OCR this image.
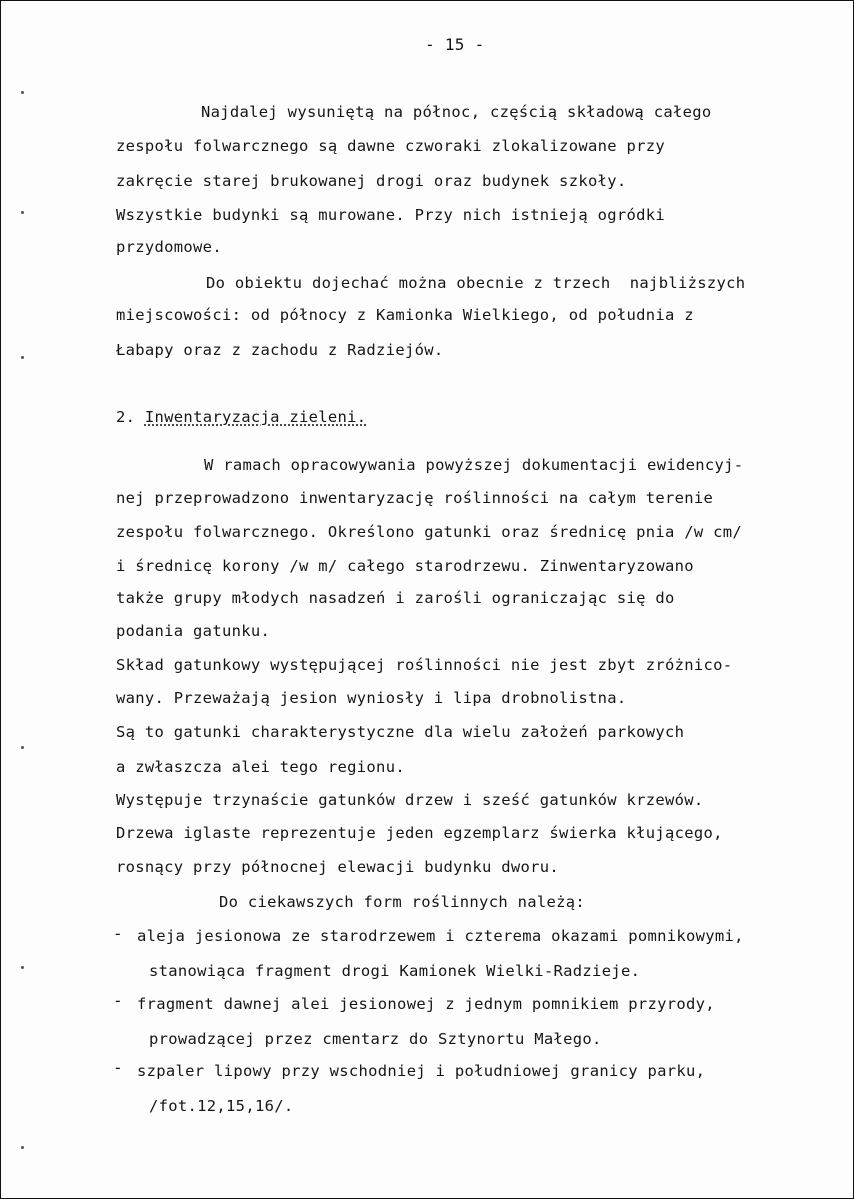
- 15 -
Najdalej wysuniętą na północ, częścią składową całego
zespołu folwarcznego są dawne czworaki zlokalizowane przy
zakręcie starej brukowanej drogi oraz budynek szkoły.
Wszystkie budynki są murowane. Przy nich istnieją ogródki
przydomowe.
Do obiektu dojechać można obecnie z trzech  najbliższych
miejscowości: od północy z Kamionka Wielkiego, od południa z
Łabapy oraz z zachodu z Radziejów.
2. Inwentaryzacja zieleni.
W ramach opracowywania powyższej dokumentacji ewidencyj-
nej przeprowadzono inwentaryzację roślinności na całym terenie
zespołu folwarcznego. Określono gatunki oraz średnicę pnia /w cm/
i średnicę korony /w m/ całego starodrzewu. Zinwentaryzowano
także grupy młodych nasadzeń i zarośli ograniczając się do
podania gatunku.
Skład gatunkowy występującej roślinności nie jest zbyt zróżnico-
wany. Przeważają jesion wyniosły i lipa drobnolistna.
Są to gatunki charakterystyczne dla wielu założeń parkowych
a zwłaszcza alei tego regionu.
Występuje trzynaście gatunków drzew i sześć gatunków krzewów.
Drzewa iglaste reprezentuje jeden egzemplarz świerka kłującego,
rosnący przy północnej elewacji budynku dworu.
Do ciekawszych form roślinnych należą:
- aleja jesionowa ze starodrzewem i czterema okazami pomnikowymi,
stanowiąca fragment drogi Kamionek Wielki-Radzieje.
- fragment dawnej alei jesionowej z jednym pomnikiem przyrody,
prowadzącej przez cmentarz do Sztynortu Małego.
- szpaler lipowy przy wschodniej i południowej granicy parku,
/fot.12,15,16/.
